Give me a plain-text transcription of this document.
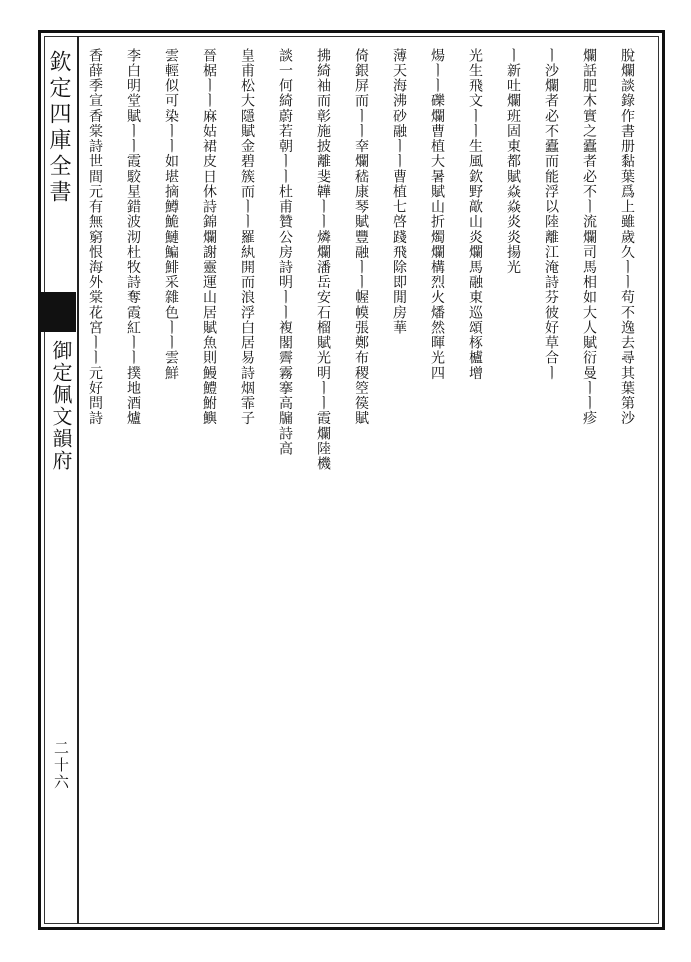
欽定四庫全書
御定佩文韻府
二十六
脫爛談錄作書册黏葉爲上雖歲久ㅣㅣ苟不逸去尋其葉第沙
爛話肥木實之蠹者必不ㅣ流爛司馬相如大人賦衍曼ㅣㅣ疹
ㅣ沙爛者必不蠹而能浮以陸離江淹詩芬彼好草合ㅣ
ㅣ新吐爛班固東都賦焱焱炎炎揚光
光生飛文ㅣㅣ生風欽野歊山炎爛馬融東巡頌㭬櫨增
煬ㅣㅣ礫爛曹植大暑賦山折燭爛構烈火燔然暉光四
薄天海沸砂融ㅣㅣ曹植七啓踐飛除即閒房華
倚銀屏而ㅣㅣ㚔爛嵇康琴賦豐融ㅣㅣ幄幙張鄭布稷箜篌賦
拂綺袖而彰施披離斐韡ㅣㅣ燐爛潘岳安石榴賦光明ㅣㅣ霞爛陸機
談一何綺蔚若朝ㅣㅣ杜甫贊公房詩明ㅣㅣ複閣霽霧搴高牖詩高
皇甫松大隱賦金碧簇而ㅣㅣ羅紈開而浪浮白居易詩烟霏子
晉椐ㅣㅣ麻姑裙皮日休詩錦爛謝靈運山居賦魚則鰻鱧鮒鱮
雲輕似可染ㅣㅣ如堪摘鱒鮠鰱鯿鯡采雜色ㅣㅣ雲鮮
李白明堂賦ㅣㅣ霞駮星錯波沏杜牧詩奪霞紅ㅣㅣ撲地酒爐
香薛季宣香棠詩世間元有無窮恨海外棠花宮ㅣㅣ元好問詩
